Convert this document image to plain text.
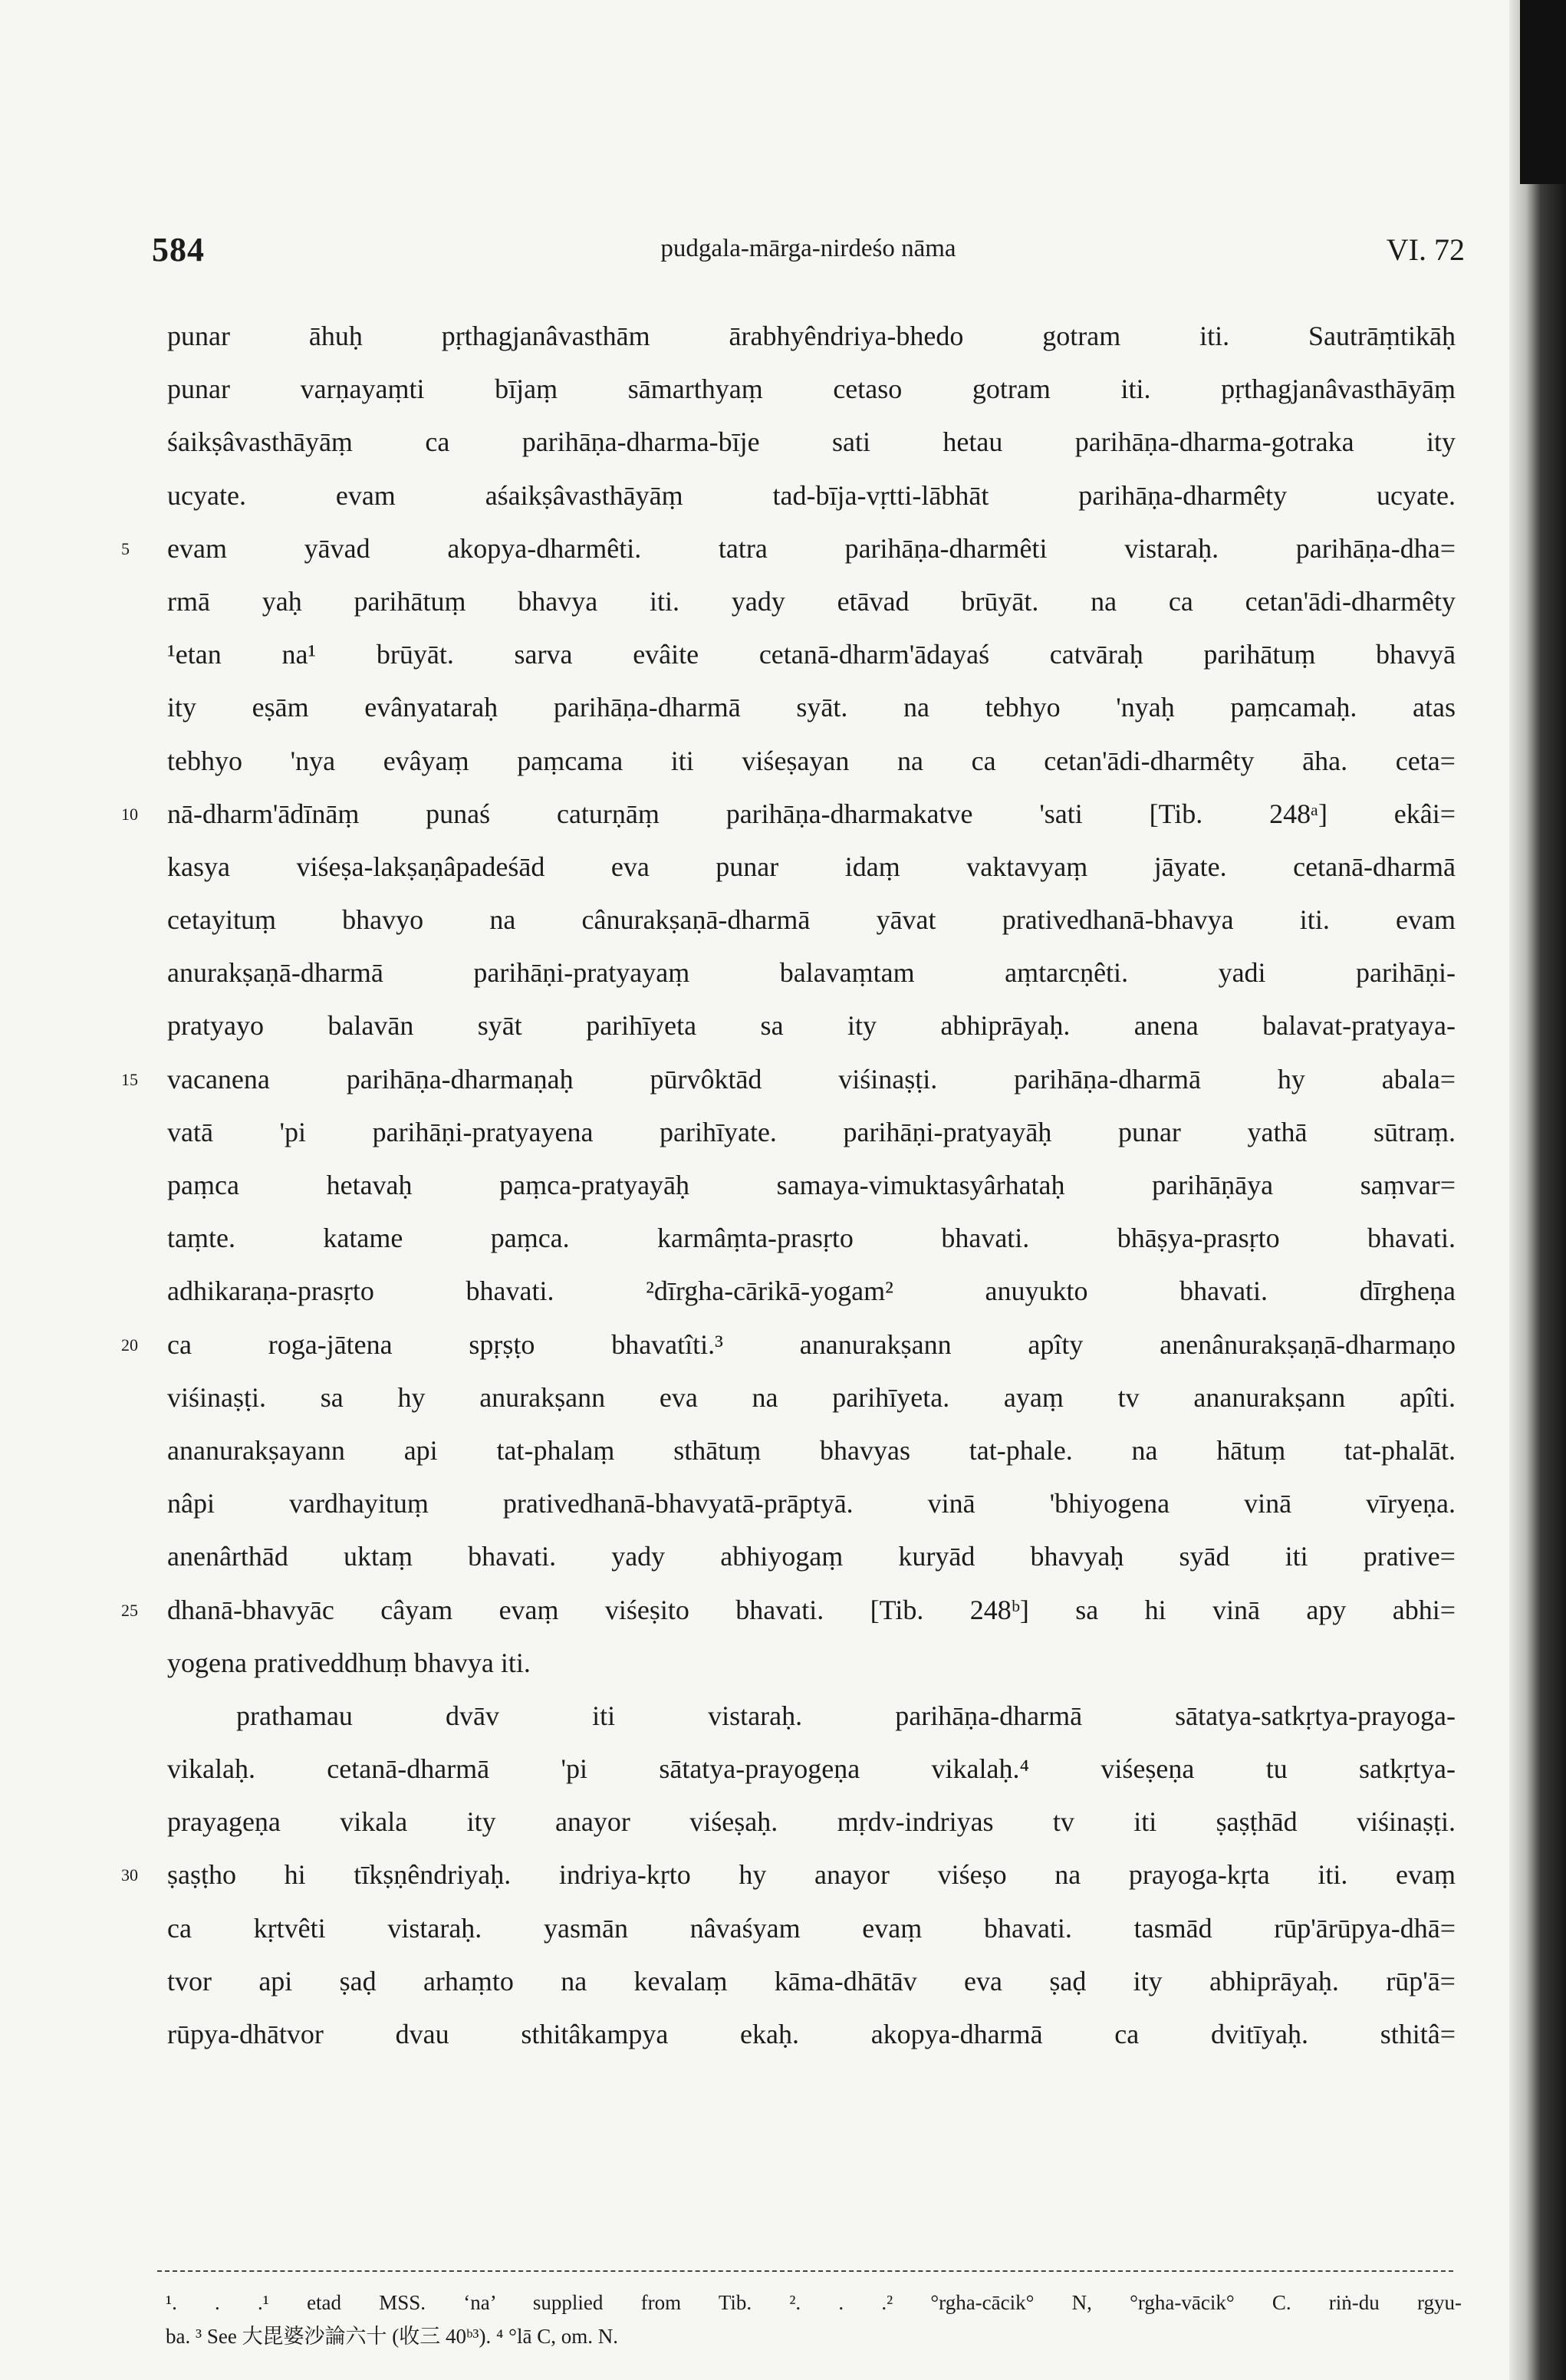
584	pudgala-mārga-nirdeśo nāma	VI. 72
punar āhuḥ pṛthagjanâvasthām ārabhyêndriya-bhedo gotram iti. Sautrāṃtikāḥ
punar varṇayaṃti bījaṃ sāmarthyaṃ cetaso gotram iti. pṛthagjanâvasthāyāṃ
śaikṣâvasthāyāṃ ca parihāṇa-dharma-bīje sati hetau parihāṇa-dharma-gotraka ity
ucyate. evam aśaikṣâvasthāyāṃ tad-bīja-vṛtti-lābhāt parihāṇa-dharmêty ucyate.
5	evam yāvad akopya-dharmêti. tatra parihāṇa-dharmêti vistaraḥ. parihāṇa-dha=
rmā yaḥ parihātuṃ bhavya iti. yady etāvad brūyāt. na ca cetan'ādi-dharmêty
¹etan na¹ brūyāt. sarva evâite cetanā-dharm'ādayaś catvāraḥ parihātuṃ bhavyā
ity eṣām evânyataraḥ parihāṇa-dharmā syāt. na tebhyo 'nyaḥ paṃcamaḥ. atas
tebhyo 'nya evâyaṃ paṃcama iti viśeṣayan na ca cetan'ādi-dharmêty āha. ceta=
10	nā-dharm'ādīnāṃ punaś caturṇāṃ parihāṇa-dharmakatve 'sati [Tib. 248ᵃ] ekâi=
kasya viśeṣa-lakṣaṇâpadeśād eva punar idaṃ vaktavyaṃ jāyate. cetanā-dharmā
cetayituṃ bhavyo na cânurakṣaṇā-dharmā yāvat prativedhanā-bhavya iti. evam
anurakṣaṇā-dharmā parihāṇi-pratyayaṃ balavaṃtam aṃtarcṇêti. yadi parihāṇi-
pratyayo balavān syāt parihīyeta sa ity abhiprāyaḥ. anena balavat-pratyaya-
15	vacanena parihāṇa-dharmaṇaḥ pūrvôktād viśinaṣṭi. parihāṇa-dharmā hy abala=
vatā 'pi parihāṇi-pratyayena parihīyate. parihāṇi-pratyayāḥ punar yathā sūtraṃ.
paṃca hetavaḥ paṃca-pratyayāḥ samaya-vimuktasyârhataḥ parihāṇāya saṃvar=
taṃte. katame paṃca. karmâṃta-prasṛto bhavati. bhāṣya-prasṛto bhavati.
adhikaraṇa-prasṛto bhavati. ²dīrgha-cārikā-yogam² anuyukto bhavati. dīrgheṇa
20	ca roga-jātena spṛṣṭo bhavatîti.³ ananurakṣann apîty anenânurakṣaṇā-dharmaṇo
viśinaṣṭi. sa hy anurakṣann eva na parihīyeta. ayaṃ tv ananurakṣann apîti.
ananurakṣayann api tat-phalaṃ sthātuṃ bhavyas tat-phale. na hātuṃ tat-phalāt.
nâpi vardhayituṃ prativedhanā-bhavyatā-prāptyā. vinā 'bhiyogena vinā vīryeṇa.
anenârthād uktaṃ bhavati. yady abhiyogaṃ kuryād bhavyaḥ syād iti prative=
25	dhanā-bhavyāc câyam evaṃ viśeṣito bhavati. [Tib. 248ᵇ] sa hi vinā apy abhi=
yogena prativeddhuṃ bhavya iti.
prathamau dvāv iti vistaraḥ. parihāṇa-dharmā sātatya-satkṛtya-prayoga-
vikalaḥ. cetanā-dharmā 'pi sātatya-prayogeṇa vikalaḥ.⁴ viśeṣeṇa tu satkṛtya-
prayageṇa vikala ity anayor viśeṣaḥ. mṛdv-indriyas tv iti ṣaṣṭhād viśinaṣṭi.
30	ṣaṣṭho hi tīkṣṇêndriyaḥ. indriya-kṛto hy anayor viśeṣo na prayoga-kṛta iti. evaṃ
ca kṛtvêti vistaraḥ. yasmān nâvaśyam evaṃ bhavati. tasmād rūp'ārūpya-dhā=
tvor api ṣaḍ arhaṃto na kevalaṃ kāma-dhātāv eva ṣaḍ ity abhiprāyaḥ. rūp'ā=
rūpya-dhātvor dvau sthitâkampya ekaḥ. akopya-dharmā ca dvitīyaḥ. sthitâ=
¹. . .¹ etad MSS. ‘na’ supplied from Tib. ². . .² °rgha-cācik° N, °rgha-vācik° C. riṅ-du rgyu-
ba. ³ See 大毘婆沙論六十 (收三 40ᵇ³). ⁴ °lā C, om. N.
